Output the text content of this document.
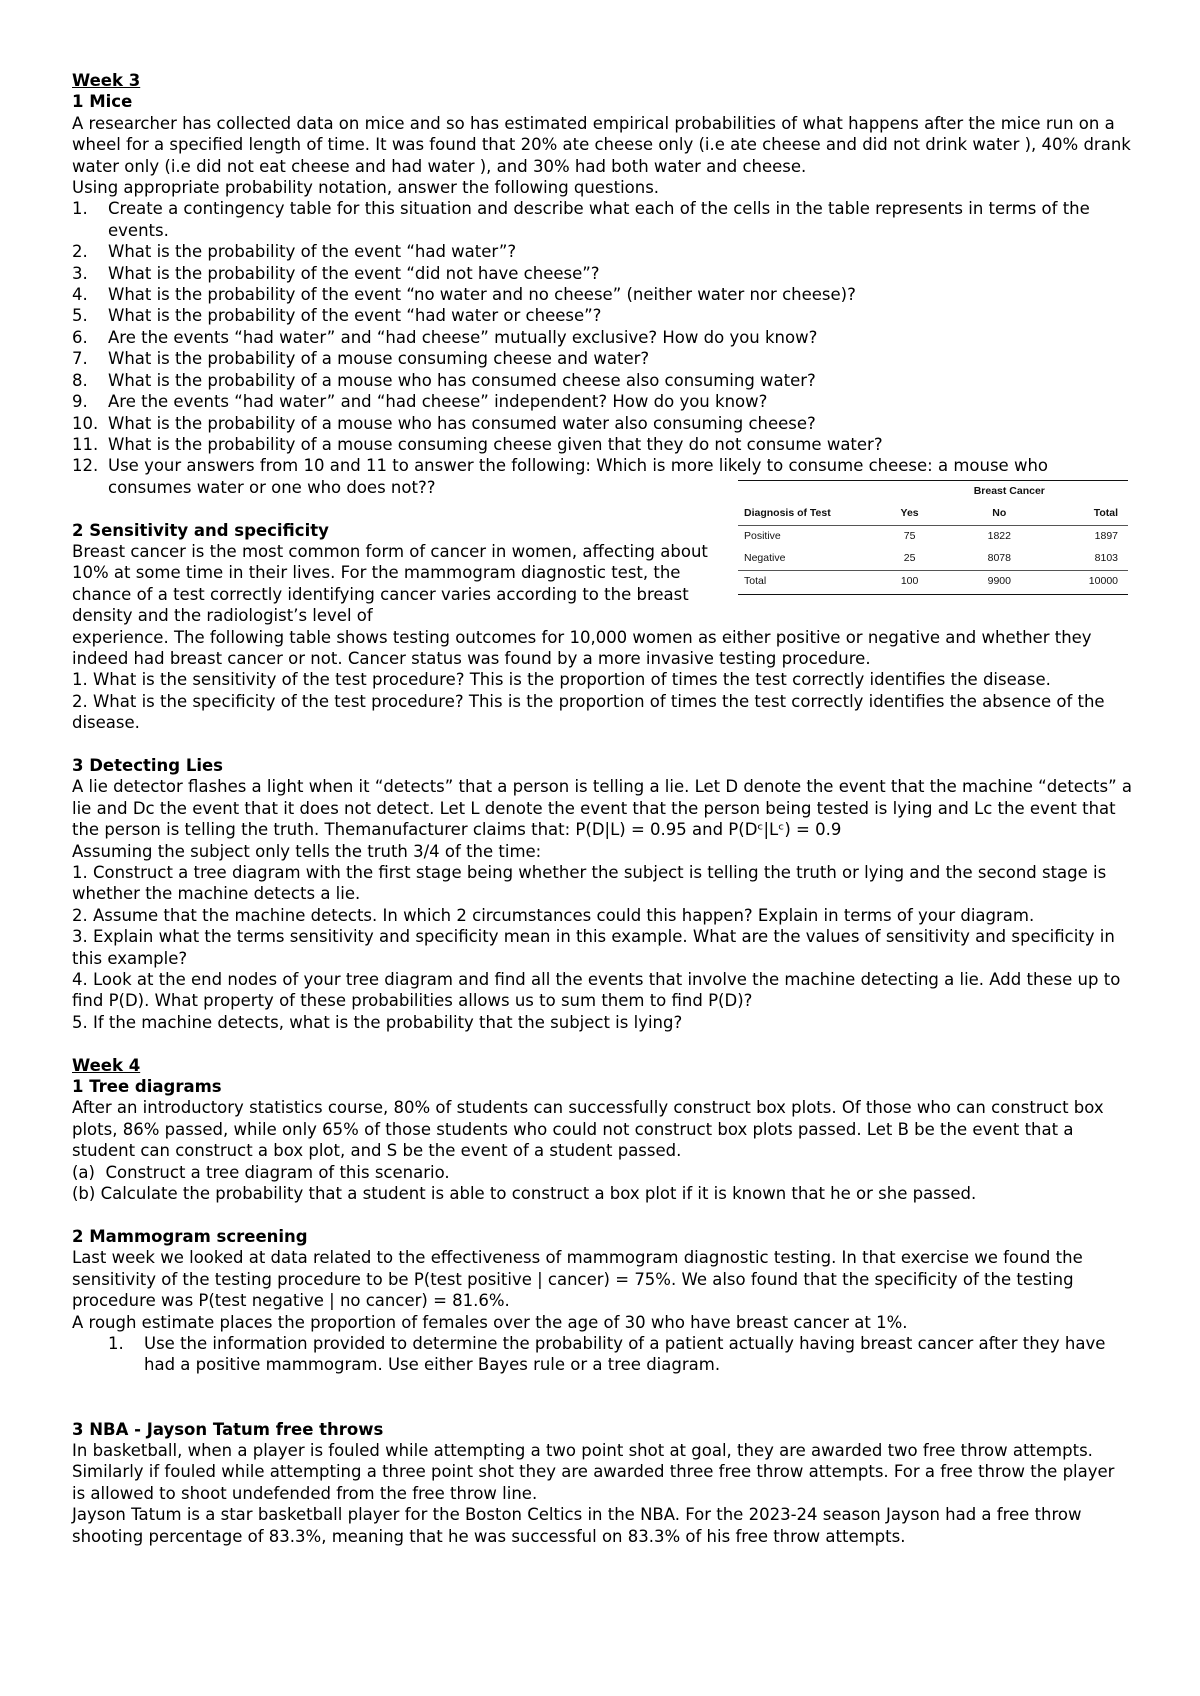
Week 3
1 Mice
A researcher has collected data on mice and so has estimated empirical probabilities of what happens after the mice run on a wheel for a specified length of time. It was found that 20% ate cheese only (i.e ate cheese and did not drink water ), 40% drank water only (i.e did not eat cheese and had water ), and 30% had both water and cheese.
Using appropriate probability notation, answer the following questions.
1. Create a contingency table for this situation and describe what each of the cells in the table represents in terms of the events.
2. What is the probability of the event “had water”?
3. What is the probability of the event “did not have cheese”?
4. What is the probability of the event “no water and no cheese” (neither water nor cheese)?
5. What is the probability of the event “had water or cheese”?
6. Are the events “had water” and “had cheese” mutually exclusive? How do you know?
7. What is the probability of a mouse consuming cheese and water?
8. What is the probability of a mouse who has consumed cheese also consuming water?
9. Are the events “had water” and “had cheese” independent? How do you know?
10. What is the probability of a mouse who has consumed water also consuming cheese?
11. What is the probability of a mouse consuming cheese given that they do not consume water?
12. Use your answers from 10 and 11 to answer the following: Which is more likely to consume cheese: a mouse who consumes water or one who does not??
2 Sensitivity and specificity
Breast cancer is the most common form of cancer in women, affecting about 10% at some time in their lives. For the mammogram diagnostic test, the chance of a test correctly identifying cancer varies according to the breast density and the radiologist’s level of
	Breast Cancer		
Diagnosis of Test	Yes	No	Total
Positive	75	1822	1897
Negative	25	8078	8103
Total	100	9900	10000
experience. The following table shows testing outcomes for 10,000 women as either positive or negative and whether they indeed had breast cancer or not. Cancer status was found by a more invasive testing procedure.
1. What is the sensitivity of the test procedure? This is the proportion of times the test correctly identifies the disease.
2. What is the specificity of the test procedure? This is the proportion of times the test correctly identifies the absence of the disease.
3 Detecting Lies
A lie detector flashes a light when it “detects” that a person is telling a lie. Let D denote the event that the machine “detects” a lie and Dc the event that it does not detect. Let L denote the event that the person being tested is lying and Lc the event that the person is telling the truth. Themanufacturer claims that: P(D|L) = 0.95 and P(Dᶜ|Lᶜ) = 0.9
Assuming the subject only tells the truth 3/4 of the time:
1. Construct a tree diagram with the first stage being whether the subject is telling the truth or lying and the second stage is whether the machine detects a lie.
2. Assume that the machine detects. In which 2 circumstances could this happen? Explain in terms of your diagram.
3. Explain what the terms sensitivity and specificity mean in this example. What are the values of sensitivity and specificity in this example?
4. Look at the end nodes of your tree diagram and find all the events that involve the machine detecting a lie. Add these up to find P(D). What property of these probabilities allows us to sum them to find P(D)?
5. If the machine detects, what is the probability that the subject is lying?
Week 4
1 Tree diagrams
After an introductory statistics course, 80% of students can successfully construct box plots. Of those who can construct box plots, 86% passed, while only 65% of those students who could not construct box plots passed. Let B be the event that a student can construct a box plot, and S be the event of a student passed.
(a) Construct a tree diagram of this scenario.
(b) Calculate the probability that a student is able to construct a box plot if it is known that he or she passed.
2 Mammogram screening
Last week we looked at data related to the effectiveness of mammogram diagnostic testing. In that exercise we found the sensitivity of the testing procedure to be P(test positive | cancer) = 75%. We also found that the specificity of the testing procedure was P(test negative | no cancer) = 81.6%.
A rough estimate places the proportion of females over the age of 30 who have breast cancer at 1%.
1. Use the information provided to determine the probability of a patient actually having breast cancer after they have had a positive mammogram. Use either Bayes rule or a tree diagram.
3 NBA - Jayson Tatum free throws
In basketball, when a player is fouled while attempting a two point shot at goal, they are awarded two free throw attempts. Similarly if fouled while attempting a three point shot they are awarded three free throw attempts. For a free throw the player is allowed to shoot undefended from the free throw line.
Jayson Tatum is a star basketball player for the Boston Celtics in the NBA. For the 2023-24 season Jayson had a free throw shooting percentage of 83.3%, meaning that he was successful on 83.3% of his free throw attempts.
